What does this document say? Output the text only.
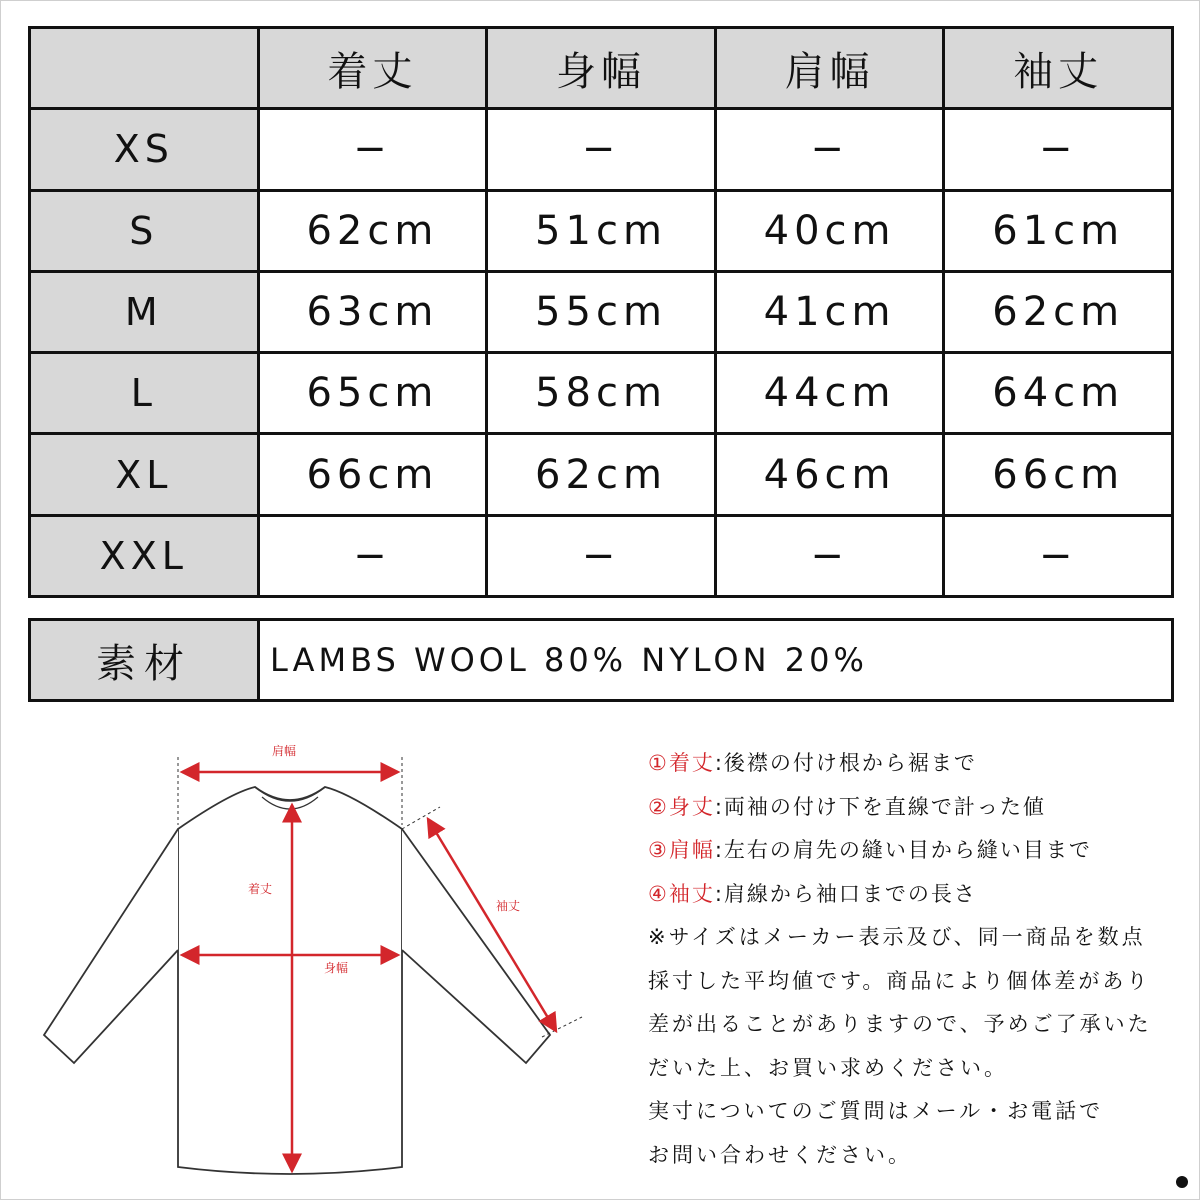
	着丈	身幅	肩幅	袖丈
XS	−	−	−	−
S	62cm	51cm	40cm	61cm
M	63cm	55cm	41cm	62cm
L	65cm	58cm	44cm	64cm
XL	66cm	62cm	46cm	66cm
XXL	−	−	−	−
素材	LAMBS WOOL 80% NYLON 20%
肩幅
着丈
身幅
袖丈
①着丈:後襟の付け根から裾まで
②身丈:両袖の付け下を直線で計った値
③肩幅:左右の肩先の縫い目から縫い目まで
④袖丈:肩線から袖口までの長さ
※サイズはメーカー表示及び、同一商品を数点
採寸した平均値です。商品により個体差があり
差が出ることがありますので、予めご了承いた
だいた上、お買い求めください。
実寸についてのご質問はメール・お電話で
お問い合わせください。
